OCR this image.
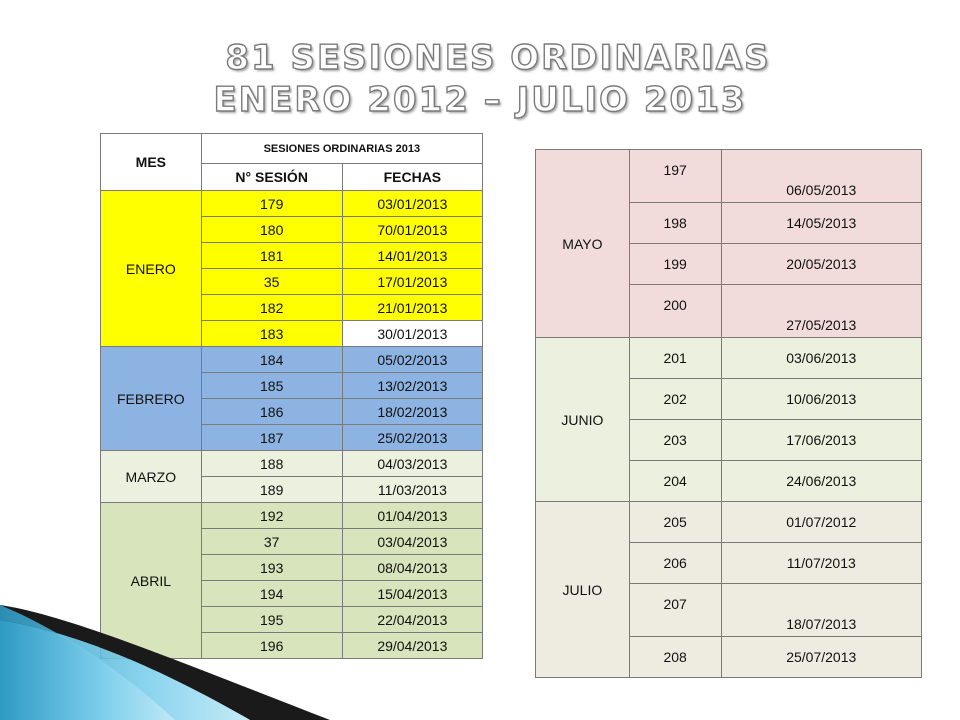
81 SESIONES ORDINARIAS
ENERO 2012 – JULIO 2013
MES	SESIONES ORDINARIAS 2013	
	N° SESIÓN	FECHAS
ENERO	179	03/01/2013
	180	70/01/2013
	181	14/01/2013
	35	17/01/2013
	182	21/01/2013
	183	30/01/2013
FEBRERO	184	05/02/2013
	185	13/02/2013
	186	18/02/2013
	187	25/02/2013
MARZO	188	04/03/2013
	189	11/03/2013
ABRIL	192	01/04/2013
	37	03/04/2013
	193	08/04/2013
	194	15/04/2013
	195	22/04/2013
	196	29/04/2013
MAYO	197	06/05/2013
	198	14/05/2013
	199	20/05/2013
	200	27/05/2013
JUNIO	201	03/06/2013
	202	10/06/2013
	203	17/06/2013
	204	24/06/2013
JULIO	205	01/07/2012
	206	11/07/2013
	207	18/07/2013
	208	25/07/2013
